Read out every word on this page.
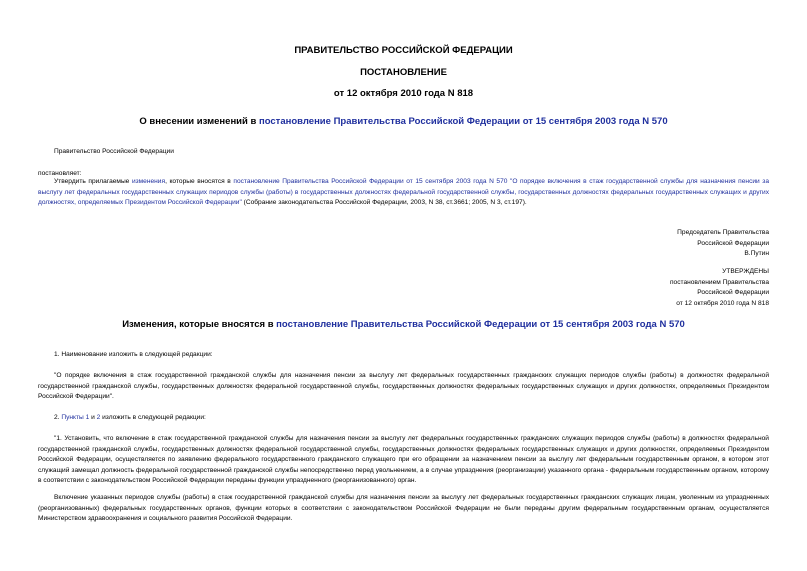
ПРАВИТЕЛЬСТВО РОССИЙСКОЙ ФЕДЕРАЦИИ
ПОСТАНОВЛЕНИЕ
от 12 октября 2010 года N 818
О внесении изменений в постановление Правительства Российской Федерации от 15 сентября 2003 года N 570
Правительство Российской Федерации
постановляет:
Утвердить прилагаемые изменения, которые вносятся в постановление Правительства Российской Федерации от 15 сентября 2003 года N 570 "О порядке включения в стаж государственной службы для назначения пенсии за выслугу лет федеральных государственных служащих периодов службы (работы) в государственных должностях федеральной государственной службы, государственных должностях федеральных государственных служащих и других должностях, определяемых Президентом Российской Федерации" (Собрание законодательства Российской Федерации, 2003, N 38, ст.3661; 2005, N 3, ст.197).
Председатель Правительства
Российской Федерации
В.Путин
УТВЕРЖДЕНЫ
постановлением Правительства
Российской Федерации
от 12 октября 2010 года N 818
Изменения, которые вносятся в постановление Правительства Российской Федерации от 15 сентября 2003 года N 570
1. Наименование изложить в следующей редакции:
"О порядке включения в стаж государственной гражданской службы для назначения пенсии за выслугу лет федеральных государственных гражданских служащих периодов службы (работы) в должностях федеральной государственной гражданской службы, государственных должностях федеральной государственной службы, государственных должностях федеральных государственных служащих и других должностях, определяемых Президентом Российской Федерации".
2. Пункты 1 и 2 изложить в следующей редакции:
"1. Установить, что включение в стаж государственной гражданской службы для назначения пенсии за выслугу лет федеральных государственных гражданских служащих периодов службы (работы) в должностях федеральной государственной гражданской службы, государственных должностях федеральной государственной службы, государственных должностях федеральных государственных служащих и других должностях, определяемых Президентом Российской Федерации, осуществляется по заявлению федерального государственного гражданского служащего при его обращении за назначением пенсии за выслугу лет федеральным государственным органом, в котором этот служащий замещал должность федеральной государственной гражданской службы непосредственно перед увольнением, а в случае упразднения (реорганизации) указанного органа - федеральным государственным органом, которому в соответствии с законодательством Российской Федерации переданы функции упраздненного (реорганизованного) орган.
Включение указанных периодов службы (работы) в стаж государственной гражданской службы для назначения пенсии за выслугу лет федеральных государственных гражданских служащих лицам, уволенным из упраздненных (реорганизованных) федеральных государственных органов, функции которых в соответствии с законодательством Российской Федерации не были переданы другим федеральным государственным органам, осуществляется Министерством здравоохранения и социального развития Российской Федерации.
